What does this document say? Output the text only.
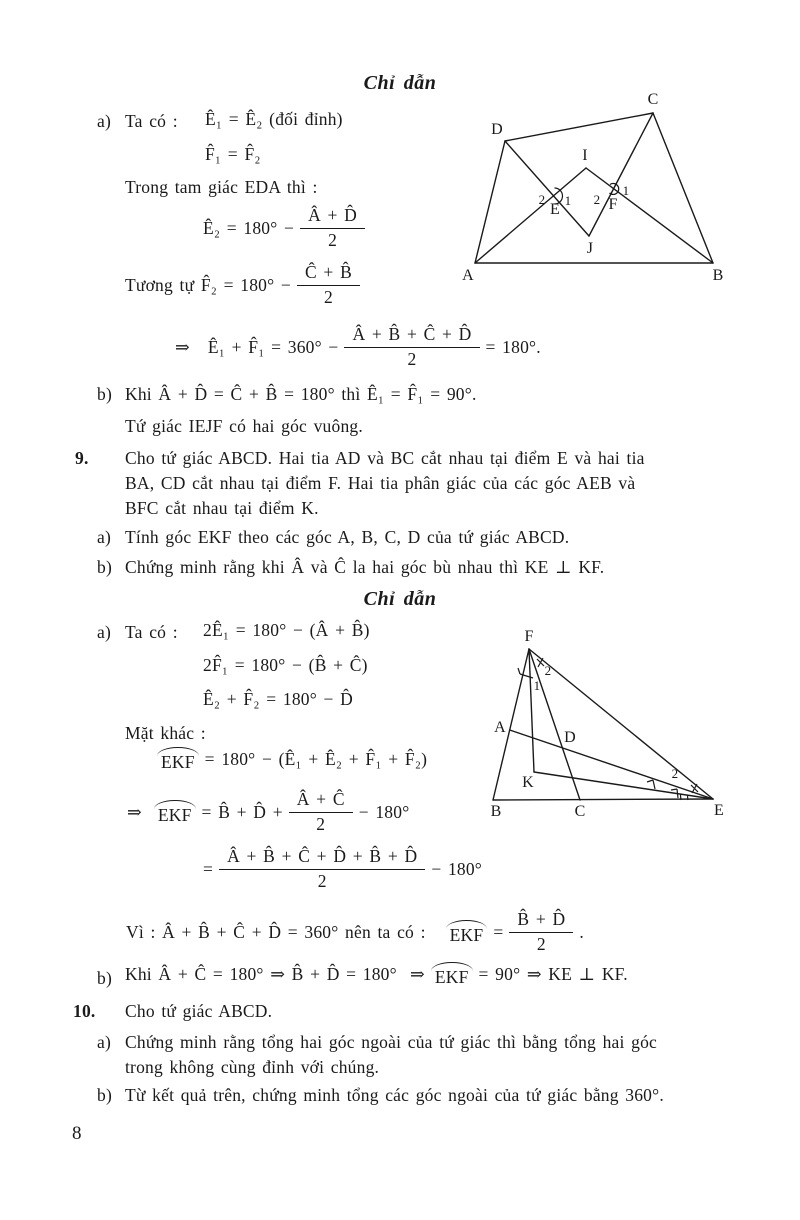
Chỉ dẫn
a) Ta có : Ê₁ = Ê₂ (đối đỉnh)
F̂₁ = F̂₂
Trong tam giác EDA thì :
Ê₂ = $180^\circ - \frac{Â + D̂}{2}$
Tương tự F̂₂ = $180^\circ - \frac{Ĉ + B̂}{2}$
⇒ Ê₁ + F̂₁ = $360^\circ - \frac{Â + B̂ + Ĉ + D̂}{2} = 180^\circ$.
b) Khi Â + D̂ = Ĉ + B̂ = 180° thì Ê₁ = F̂₁ = 90°.
Tứ giác IEJF có hai góc vuông.
A	B
C
D
I
E	F
J
2 1 2
1
9. Cho tứ giác ABCD. Hai tia AD và BC cắt nhau tại điểm E và hai tia
BA, CD cắt nhau tại điểm F. Hai tia phân giác của các góc AEB và
BFC cắt nhau tại điểm K.
a) Tính góc EKF theo các góc A, B, C, D của tứ giác ABCD.
b) Chứng minh rằng khi Â và Ĉ la hai góc bù nhau thì KE ⊥ KF.
Chỉ dẫn
a) Ta có : 2Ê₁ = 180° − (Â + B̂)
2F̂₁ = 180° − (B̂ + Ĉ)
Ê₂ + F̂₂ = 180° − D̂
Mặt khác :
EKF = 180° − (Ê₁ + Ê₂ + F̂₁ + F̂₂)
⇒ EKF = B̂ + D̂ + $\frac{Â + Ĉ}{2} - 180^\circ$
= $\frac{Â + B̂ + Ĉ + D̂ + B̂ + D̂}{2} - 180^\circ$
Vì : Â + B̂ + Ĉ + D̂ = 360° nên ta có : EKF = $\frac{B̂ + D̂}{2}$ .
b) Khi Â + Ĉ = 180° ⇒ B̂ + D̂ = 180°  ⇒ EKF = 90° ⇒ KE ⊥ KF.
F
B	C	E
A
D
K
1
2
2
10. Cho tứ giác ABCD.
a) Chứng minh rằng tổng hai góc ngoài của tứ giác thì bằng tổng hai góc
trong không cùng đỉnh với chúng.
b) Từ kết quả trên, chứng minh tổng các góc ngoài của tứ giác bằng 360°.
8
